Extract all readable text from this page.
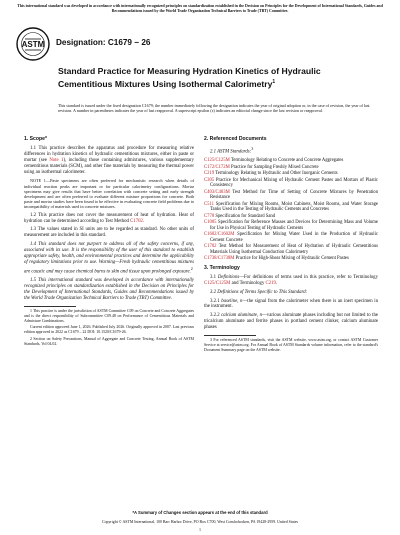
This international standard was developed in accordance with internationally recognized principles on standardization established in the Decision on Principles for the Development of International Standards, Guides and Recommendations issued by the World Trade Organization Technical Barriers to Trade (TBT) Committee.
ASTM Designation: C1679 − 26
Standard Practice for Measuring Hydration Kinetics of Hydraulic Cementitious Mixtures Using Isothermal Calorimetry$^1$
This standard is issued under the fixed designation C1679; the number immediately following the designation indicates the year of original adoption or, in the case of revision, the year of last revision. A number in parentheses indicates the year of last reapproval. A superscript epsilon (ε) indicates an editorial change since the last revision or reapproval.
1. Scope*

1.1 This practice describes the apparatus and procedure for measuring relative differences in hydration kinetics of hydraulic cementitious mixtures, either in paste or mortar (see Note 1), including those containing admixtures, various supplementary cementitious materials (SCM), and other fine materials by measuring the thermal power using an isothermal calorimeter.

NOTE 1—Paste specimens are often preferred for mechanistic research when details of individual reaction peaks are important or for particular calorimetry configurations. Mortar specimens may give results that have better correlation with concrete setting and early strength development and are often preferred to evaluate different mixture proportions for concrete. Both paste and mortar studies have been found to be effective in evaluating concrete field problems due to incompatibility of materials used in concrete mixtures.

1.2 This practice does not cover the measurement of heat of hydration. Heat of hydration can be determined according to Test Method C1702.

1.3 The values stated in SI units are to be regarded as standard. No other units of measurement are included in this standard.

1.4 This standard does not purport to address all of the safety concerns, if any, associated with its use. It is the responsibility of the user of this standard to establish appropriate safety, health, and environmental practices and determine the applicability of regulatory limitations prior to use. Warning—Fresh hydraulic cementitious mixtures are caustic and may cause chemical burns to skin and tissue upon prolonged exposure.$^2$

1.5 This international standard was developed in accordance with internationally recognized principles on standardization established in the Decision on Principles for the Development of International Standards, Guides and Recommendations issued by the World Trade Organization Technical Barriers to Trade (TBT) Committee.

1 This practice is under the jurisdiction of ASTM Committee C09 on Concrete and Concrete Aggregates and is the direct responsibility of Subcommittee C09.48 on Performance of Cementitious Materials and Admixture Combinations.

Current edition approved June 1, 2026. Published July 2026. Originally approved in 2007. Last previous edition approved in 2022 as C1679 – 22 DOI: 10.1520/C1679-26.

2 Section on Safety Precautions, Manual of Aggregate and Concrete Testing, Annual Book of ASTM Standards, Vol 04.02.

2. Referenced Documents

2.1 ASTM Standards:$^3$

C125/C125M Terminology Relating to Concrete and Concrete Aggregates

C172/C172M Practice for Sampling Freshly Mixed Concrete

C219 Terminology Relating to Hydraulic and Other Inorganic Cements

C305 Practice for Mechanical Mixing of Hydraulic Cement Pastes and Mortars of Plastic Consistency

C403/C403M Test Method for Time of Setting of Concrete Mixtures by Penetration Resistance

C511 Specification for Mixing Rooms, Moist Cabinets, Moist Rooms, and Water Storage Tanks Used in the Testing of Hydraulic Cements and Concretes

C778 Specification for Standard Sand

C1005 Specification for Reference Masses and Devices for Determining Mass and Volume for Use in Physical Testing of Hydraulic Cements

C1602/C1602M Specification for Mixing Water Used in the Production of Hydraulic Cement Concrete

C1702 Test Method for Measurement of Heat of Hydration of Hydraulic Cementitious Materials Using Isothermal Conduction Calorimetry

C1738/C1738M Practice for High-Shear Mixing of Hydraulic Cement Pastes

3. Terminology

3.1 Definitions—For definitions of terms used in this practice, refer to Terminology C125/C125M and Terminology C219.

3.2 Definitions of Terms Specific to This Standard:

3.2.1 baseline, n—the signal from the calorimeter when there is an inert specimen in the instrument.

3.2.2 calcium aluminate, n—various aluminate phases including but not limited to the tricalcium aluminate and ferrite phases in portland cement clinker, calcium aluminate phases

3 For referenced ASTM standards, visit the ASTM website, www.astm.org, or contact ASTM Customer Service at service@astm.org. For Annual Book of ASTM Standards volume information, refer to the standard's Document Summary page on the ASTM website.

*A Summary of Changes section appears at the end of this standard
Copyright © ASTM International, 100 Barr Harbor Drive, PO Box C700, West Conshohocken, PA 19428-2959. United States
1
